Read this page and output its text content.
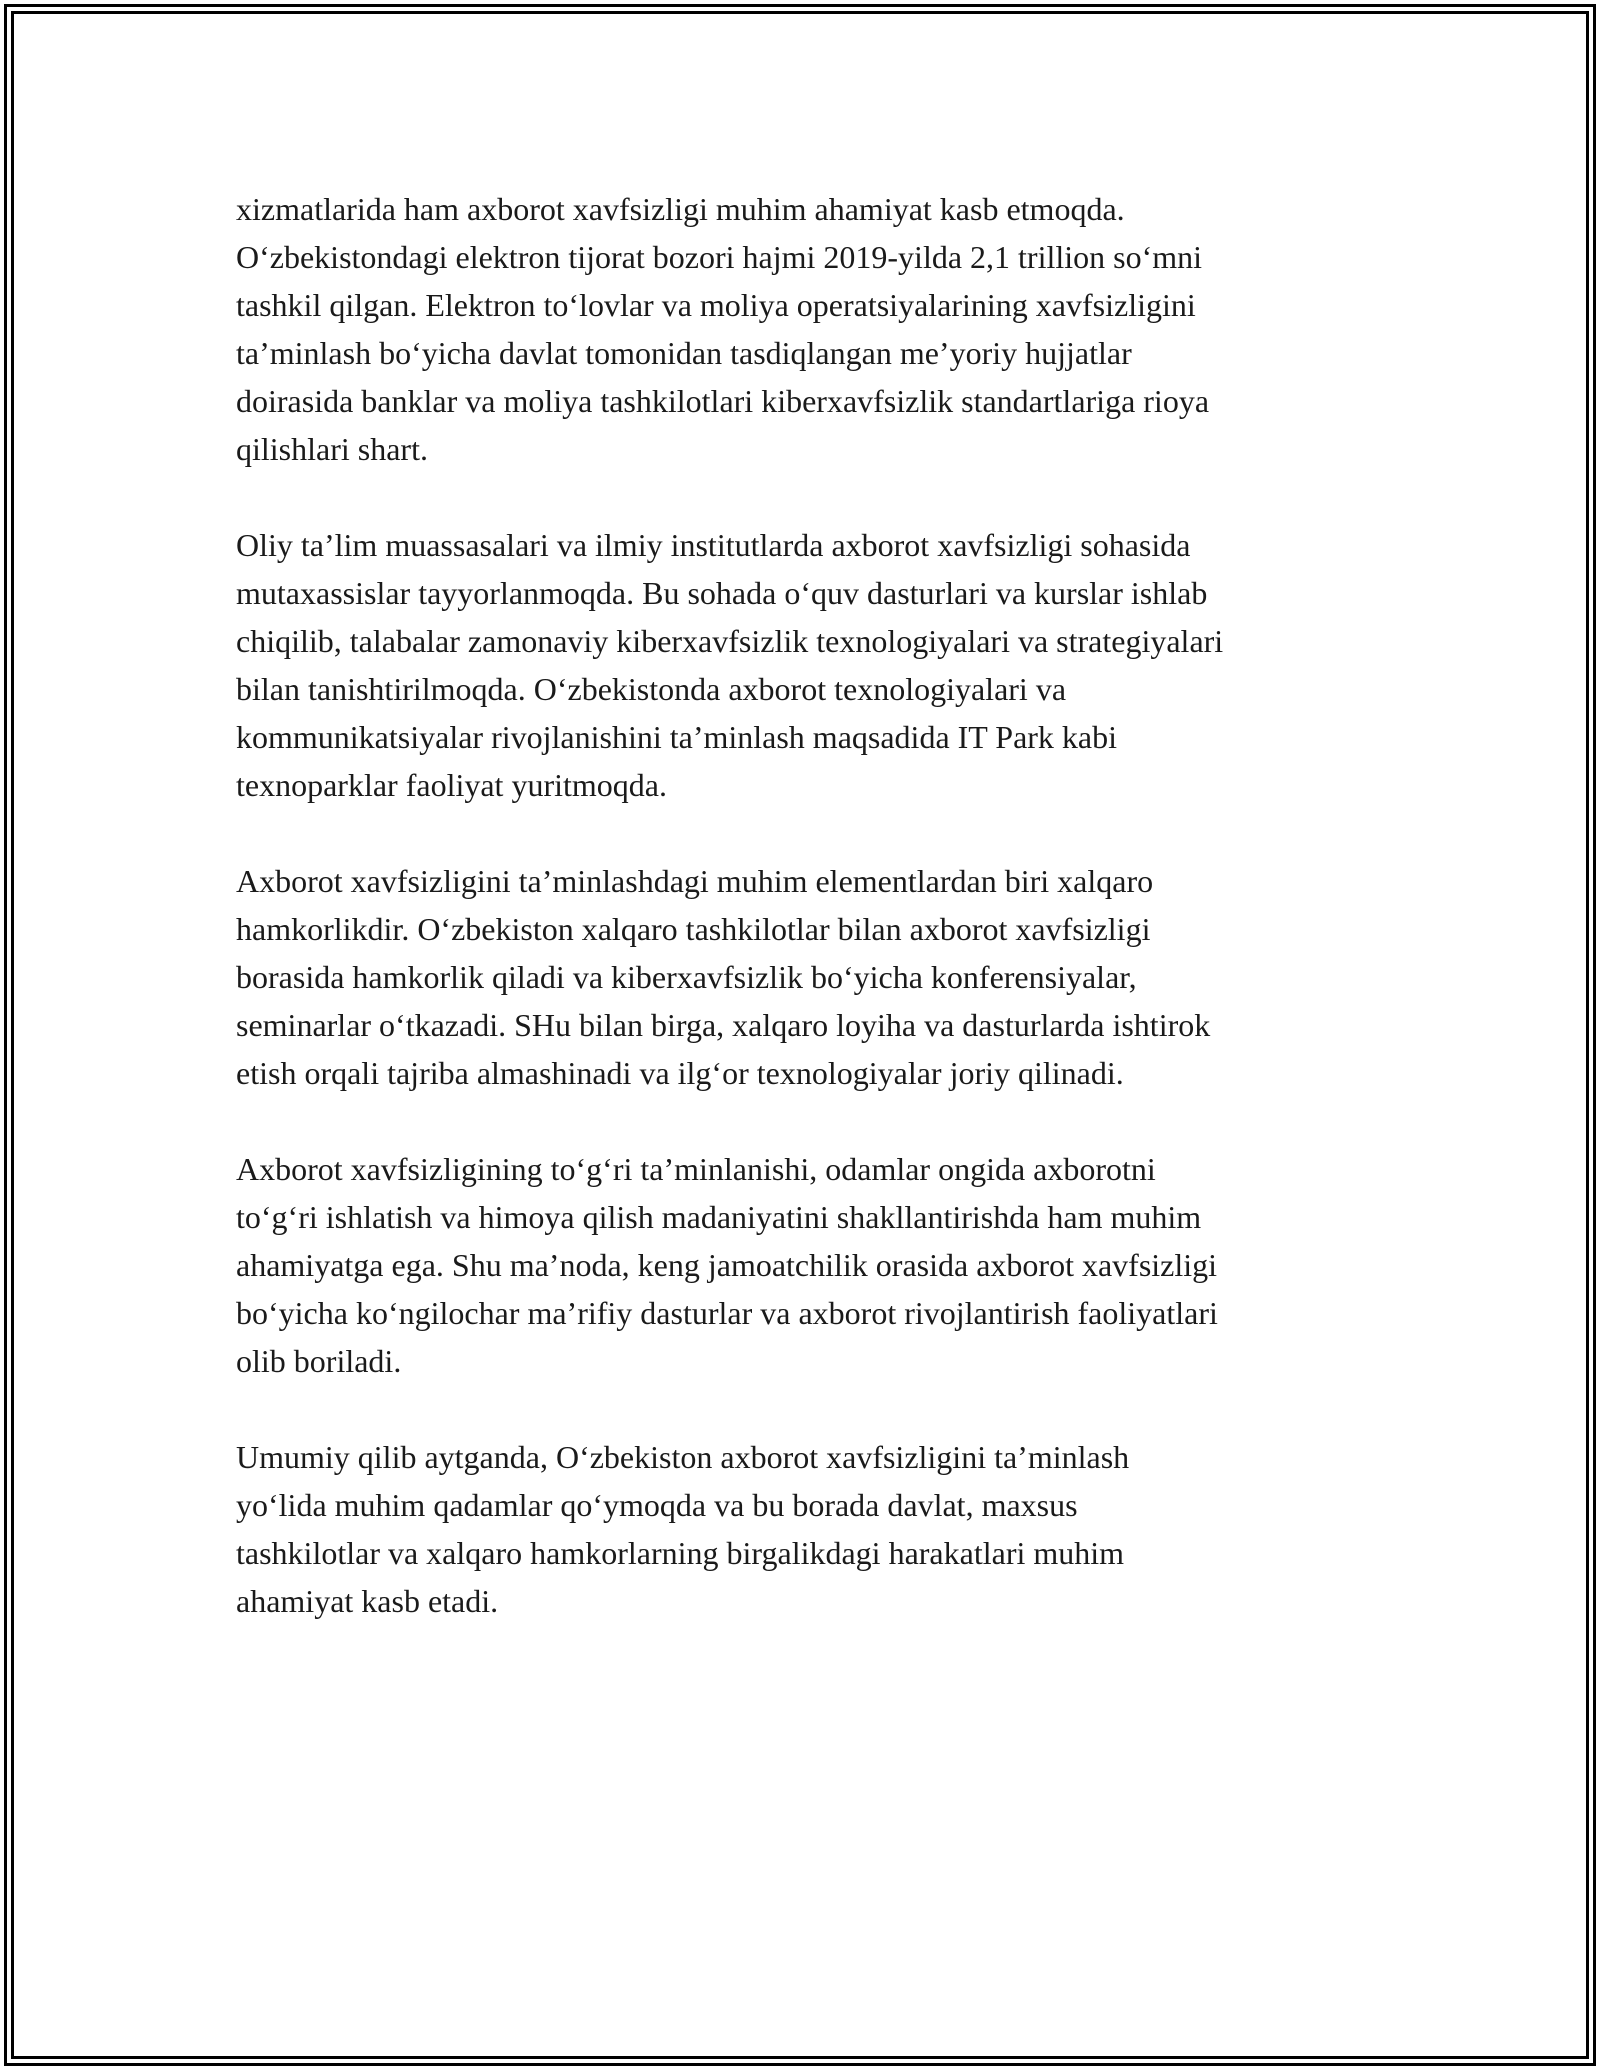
xizmatlarida ham axborot xavfsizligi muhim ahamiyat kasb etmoqda.
O‘zbekistondagi elektron tijorat bozori hajmi 2019-yilda 2,1 trillion so‘mni
tashkil qilgan. Elektron to‘lovlar va moliya operatsiyalarining xavfsizligini
ta’minlash bo‘yicha davlat tomonidan tasdiqlangan me’yoriy hujjatlar
doirasida banklar va moliya tashkilotlari kiberxavfsizlik standartlariga rioya
qilishlari shart.

Oliy ta’lim muassasalari va ilmiy institutlarda axborot xavfsizligi sohasida
mutaxassislar tayyorlanmoqda. Bu sohada o‘quv dasturlari va kurslar ishlab
chiqilib, talabalar zamonaviy kiberxavfsizlik texnologiyalari va strategiyalari
bilan tanishtirilmoqda. O‘zbekistonda axborot texnologiyalari va
kommunikatsiyalar rivojlanishini ta’minlash maqsadida IT Park kabi
texnoparklar faoliyat yuritmoqda.

Axborot xavfsizligini ta’minlashdagi muhim elementlardan biri xalqaro
hamkorlikdir. O‘zbekiston xalqaro tashkilotlar bilan axborot xavfsizligi
borasida hamkorlik qiladi va kiberxavfsizlik bo‘yicha konferensiyalar,
seminarlar o‘tkazadi. SHu bilan birga, xalqaro loyiha va dasturlarda ishtirok
etish orqali tajriba almashinadi va ilg‘or texnologiyalar joriy qilinadi.

Axborot xavfsizligining to‘g‘ri ta’minlanishi, odamlar ongida axborotni
to‘g‘ri ishlatish va himoya qilish madaniyatini shakllantirishda ham muhim
ahamiyatga ega. Shu ma’noda, keng jamoatchilik orasida axborot xavfsizligi
bo‘yicha ko‘ngilochar ma’rifiy dasturlar va axborot rivojlantirish faoliyatlari
olib boriladi.

Umumiy qilib aytganda, O‘zbekiston axborot xavfsizligini ta’minlash
yo‘lida muhim qadamlar qo‘ymoqda va bu borada davlat, maxsus
tashkilotlar va xalqaro hamkorlarning birgalikdagi harakatlari muhim
ahamiyat kasb etadi.
